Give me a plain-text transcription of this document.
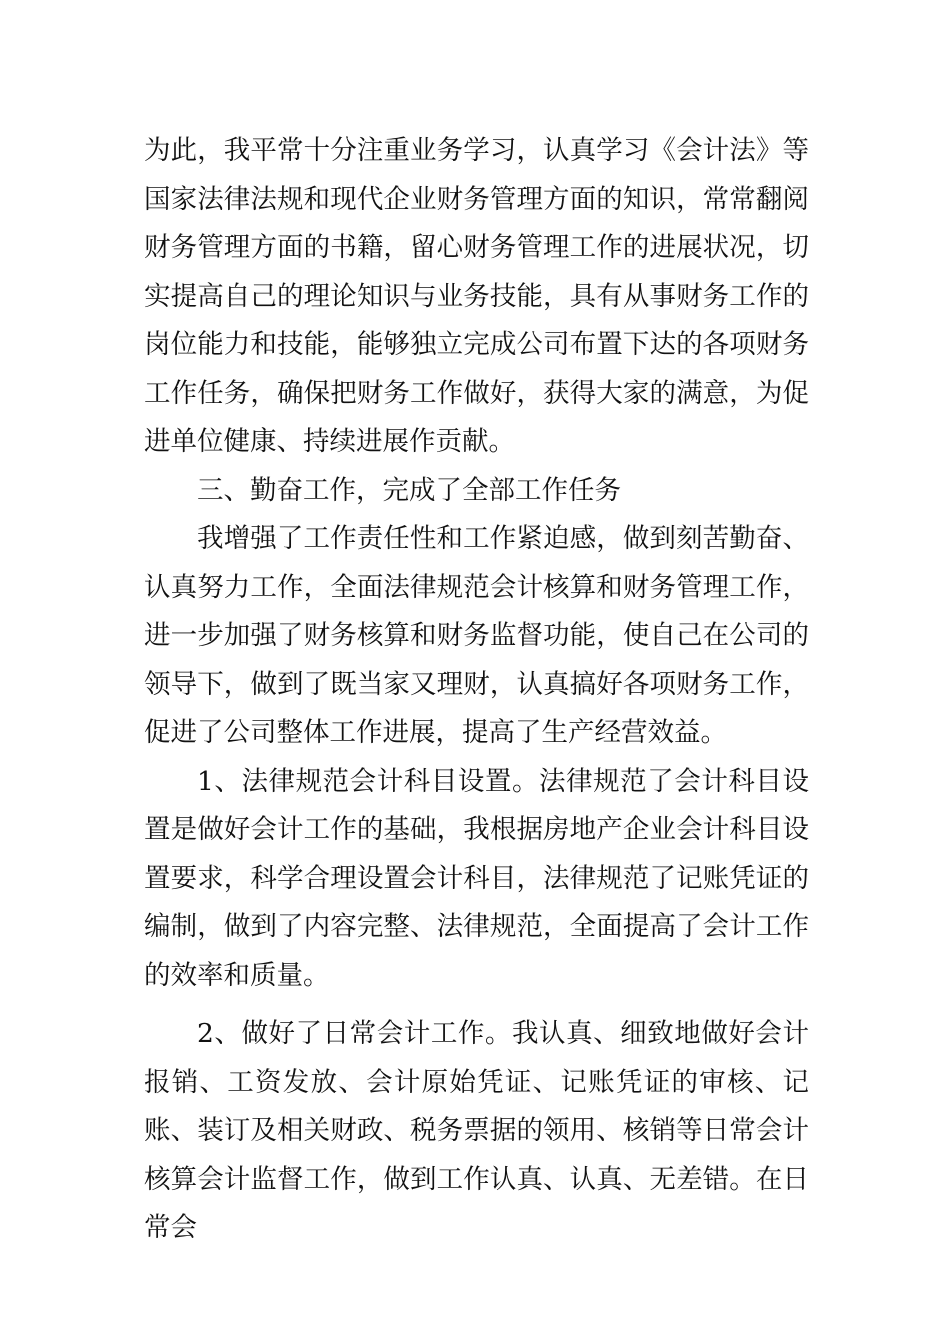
为此，我平常十分注重业务学习，认真学习《会计法》等国家法律法规和现代企业财务管理方面的知识，常常翻阅财务管理方面的书籍，留心财务管理工作的进展状况，切实提高自己的理论知识与业务技能，具有从事财务工作的岗位能力和技能，能够独立完成公司布置下达的各项财务工作任务，确保把财务工作做好，获得大家的满意，为促进单位健康、持续进展作贡献。

三、勤奋工作，完成了全部工作任务

我增强了工作责任性和工作紧迫感，做到刻苦勤奋、认真努力工作，全面法律规范会计核算和财务管理工作，进一步加强了财务核算和财务监督功能，使自己在公司的领导下，做到了既当家又理财，认真搞好各项财务工作，促进了公司整体工作进展，提高了生产经营效益。

1、法律规范会计科目设置。法律规范了会计科目设置是做好会计工作的基础，我根据房地产企业会计科目设置要求，科学合理设置会计科目，法律规范了记账凭证的编制，做到了内容完整、法律规范，全面提高了会计工作的效率和质量。

2、做好了日常会计工作。我认真、细致地做好会计报销、工资发放、会计原始凭证、记账凭证的审核、记账、装订及相关财政、税务票据的领用、核销等日常会计核算会计监督工作，做到工作认真、认真、无差错。在日常会
